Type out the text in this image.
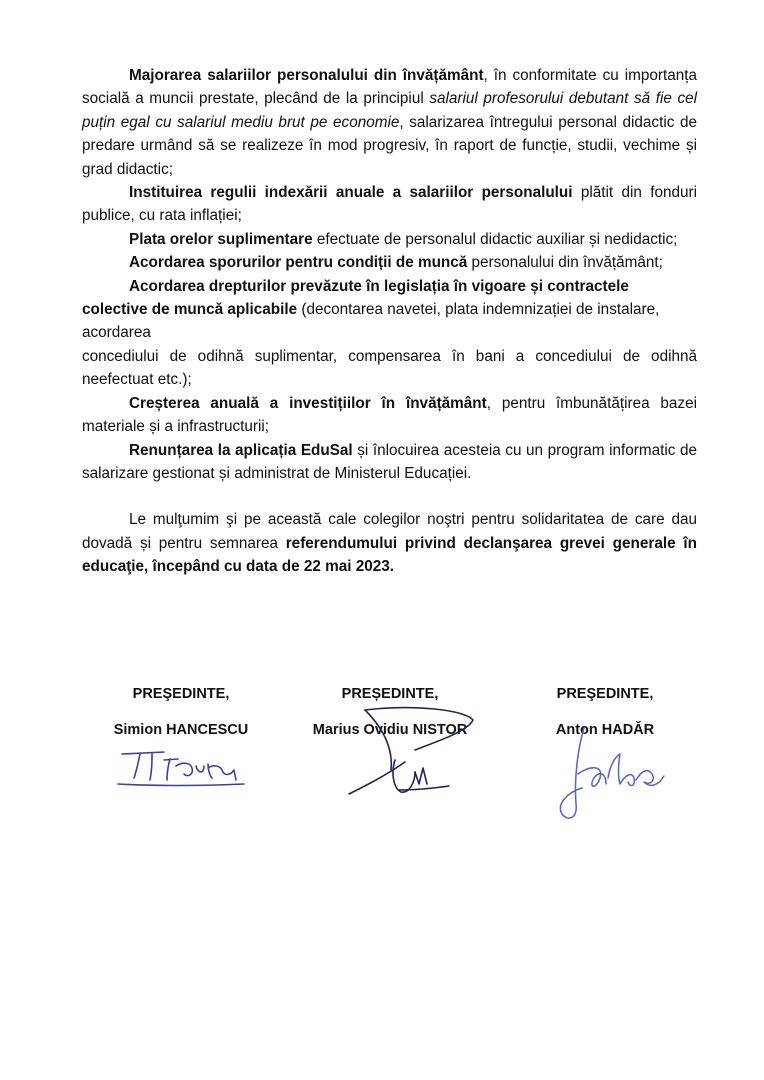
Majorarea salariilor personalului din învățământ, în conformitate cu importanța socială a muncii prestate, plecând de la principiul salariul profesorului debutant să fie cel puțin egal cu salariul mediu brut pe economie, salarizarea întregului personal didactic de predare urmând să se realizeze în mod progresiv, în raport de funcție, studii, vechime și grad didactic;

Instituirea regulii indexării anuale a salariilor personalului plătit din fonduri publice, cu rata inflației;

Plata orelor suplimentare efectuate de personalul didactic auxiliar și nedidactic;

Acordarea sporurilor pentru condiții de muncă personalului din învățământ;

Acordarea drepturilor prevăzute în legislația în vigoare și contractele colective de muncă aplicabile (decontarea navetei, plata indemnizației de instalare, acordarea

concediului de odihnă suplimentar, compensarea în bani a concediului de odihnă neefectuat etc.);

Creșterea anuală a investițiilor în învățământ, pentru îmbunătățirea bazei materiale și a infrastructurii;

Renunțarea la aplicația EduSal și înlocuirea acesteia cu un program informatic de salarizare gestionat și administrat de Ministerul Educației.

Le mulţumim şi pe această cale colegilor noştri pentru solidaritatea de care dau dovadă și pentru semnarea referendumului privind declanşarea grevei generale în educaţie, începând cu data de 22 mai 2023.

PREŞEDINTE,
Simion HANCESCU
PREȘEDINTE,
Marius Ovidiu NISTOR
PREŞEDINTE,
Anton HADĂR
